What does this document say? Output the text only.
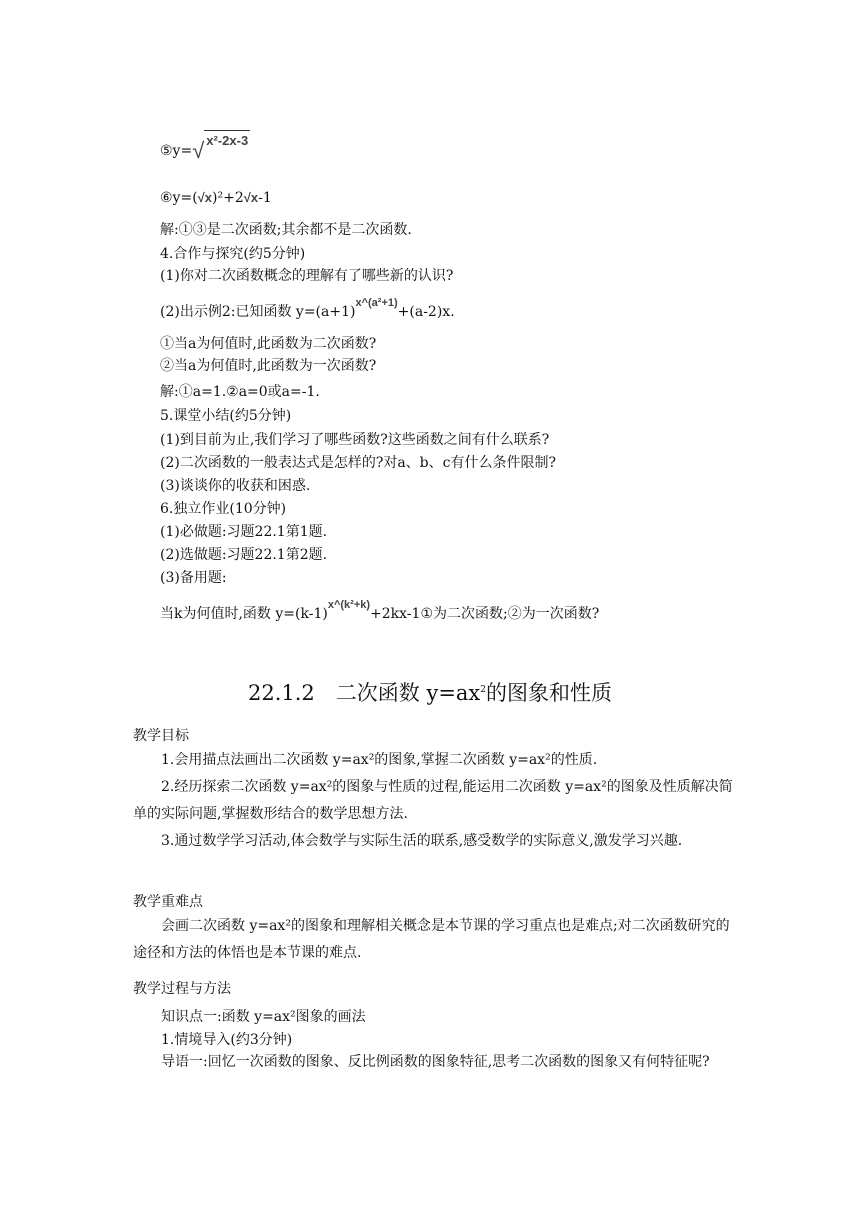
⑤y=√ x²-2x-3
⑥y=(√x)²+2√x-1
解:①③是二次函数;其余都不是二次函数.
4.合作与探究(约5分钟)
(1)你对二次函数概念的理解有了哪些新的认识?
(2)出示例2:已知函数 $y=(a+1)^{x\^{}(a^2+1)}+(a-2)x$.
①当a为何值时,此函数为二次函数?
②当a为何值时,此函数为一次函数?
解:①a=1.②a=0或a=-1.
5.课堂小结(约5分钟)
(1)到目前为止,我们学习了哪些函数?这些函数之间有什么联系?
(2)二次函数的一般表达式是怎样的?对a、b、c有什么条件限制?
(3)谈谈你的收获和困惑.
6.独立作业(10分钟)
(1)必做题:习题22.1第1题.
(2)选做题:习题22.1第2题.
(3)备用题:
当k为何值时,函数 $y=(k-1)^{x\^{}(k^2+k)}+2kx-1①$为二次函数;②为一次函数?
22.1.2　二次函数 $y=ax^2$的图象和性质
教学目标
1.会用描点法画出二次函数 y=ax²的图象,掌握二次函数 y=ax²的性质.
2.经历探索二次函数 y=ax²的图象与性质的过程,能运用二次函数 y=ax²的图象及性质解决简单的实际问题,掌握数形结合的数学思想方法.
3.通过数学学习活动,体会数学与实际生活的联系,感受数学的实际意义,激发学习兴趣.
教学重难点
会画二次函数 y=ax²的图象和理解相关概念是本节课的学习重点也是难点;对二次函数研究的途径和方法的体悟也是本节课的难点.
教学过程与方法
知识点一:函数 y=ax²图象的画法
1.情境导入(约3分钟)
导语一:回忆一次函数的图象、反比例函数的图象特征,思考二次函数的图象又有何特征呢?
